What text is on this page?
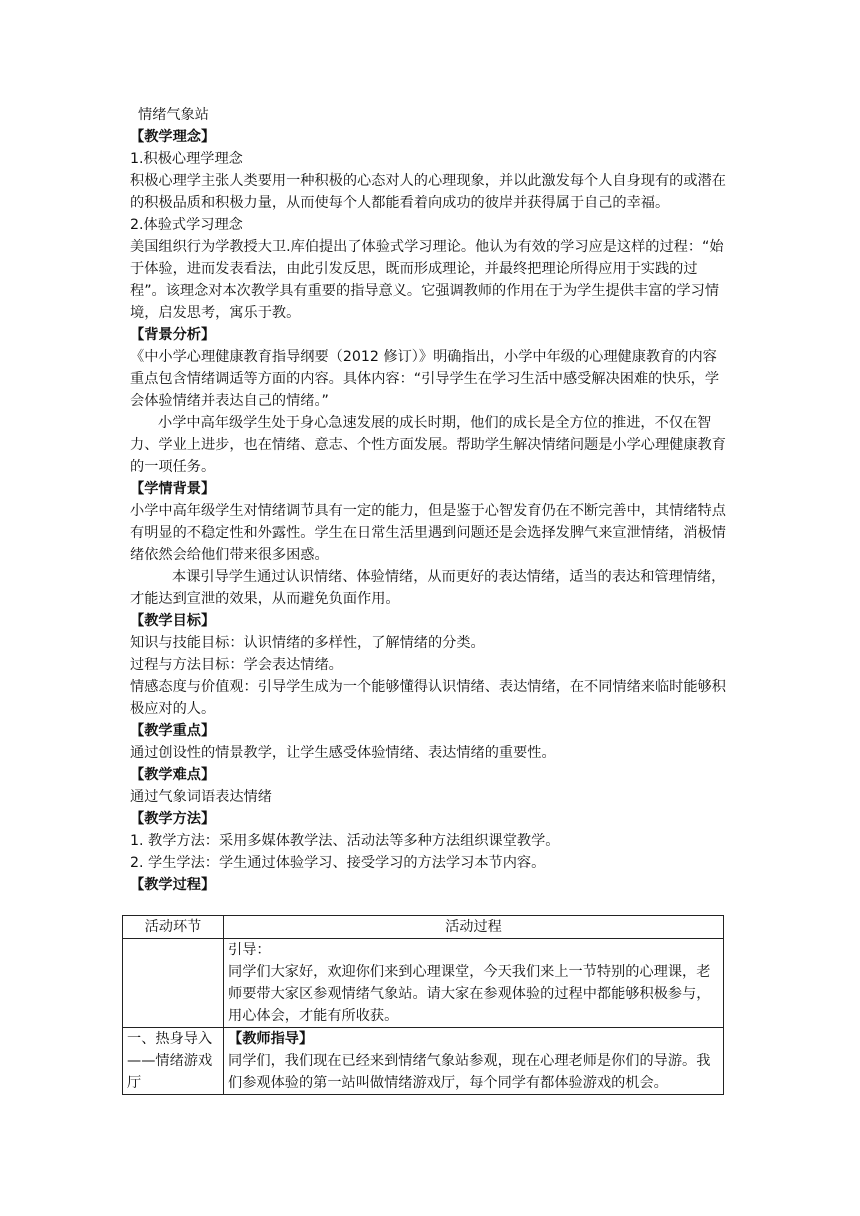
情绪气象站

【教学理念】

1.积极心理学理念

积极心理学主张人类要用一种积极的心态对人的心理现象，并以此激发每个人自身现有的或潜在的积极品质和积极力量，从而使每个人都能看着向成功的彼岸并获得属于自己的幸福。

2.体验式学习理念

美国组织行为学教授大卫.库伯提出了体验式学习理论。他认为有效的学习应是这样的过程：“始于体验，进而发表看法，由此引发反思，既而形成理论，并最终把理论所得应用于实践的过程”。该理念对本次教学具有重要的指导意义。它强调教师的作用在于为学生提供丰富的学习情境，启发思考，寓乐于教。

【背景分析】

《中小学心理健康教育指导纲要（2012 修订）》明确指出，小学中年级的心理健康教育的内容重点包含情绪调适等方面的内容。具体内容：“引导学生在学习生活中感受解决困难的快乐，学会体验情绪并表达自己的情绪。”

小学中高年级学生处于身心急速发展的成长时期，他们的成长是全方位的推进，不仅在智力、学业上进步，也在情绪、意志、个性方面发展。帮助学生解决情绪问题是小学心理健康教育的一项任务。

【学情背景】

小学中高年级学生对情绪调节具有一定的能力，但是鉴于心智发育仍在不断完善中，其情绪特点有明显的不稳定性和外露性。学生在日常生活里遇到问题还是会选择发脾气来宣泄情绪，消极情绪依然会给他们带来很多困惑。

本课引导学生通过认识情绪、体验情绪，从而更好的表达情绪，适当的表达和管理情绪，才能达到宣泄的效果，从而避免负面作用。

【教学目标】

知识与技能目标：认识情绪的多样性，了解情绪的分类。

过程与方法目标：学会表达情绪。

情感态度与价值观：引导学生成为一个能够懂得认识情绪、表达情绪，在不同情绪来临时能够积极应对的人。

【教学重点】

通过创设性的情景教学，让学生感受体验情绪、表达情绪的重要性。

【教学难点】

通过气象词语表达情绪

【教学方法】

1. 教学方法：采用多媒体教学法、活动法等多种方法组织课堂教学。

2. 学生学法：学生通过体验学习、接受学习的方法学习本节内容。

【教学过程】

活动环节	活动过程

	引导：
同学们大家好，欢迎你们来到心理课堂，今天我们来上一节特别的心理课，老师要带大家区参观情绪气象站。请大家在参观体验的过程中都能够积极参与，用心体会，才能有所收获。

一、热身导入——情绪游戏厅	【教师指导】
同学们，我们现在已经来到情绪气象站参观，现在心理老师是你们的导游。我们参观体验的第一站叫做情绪游戏厅，每个同学有都体验游戏的机会。
